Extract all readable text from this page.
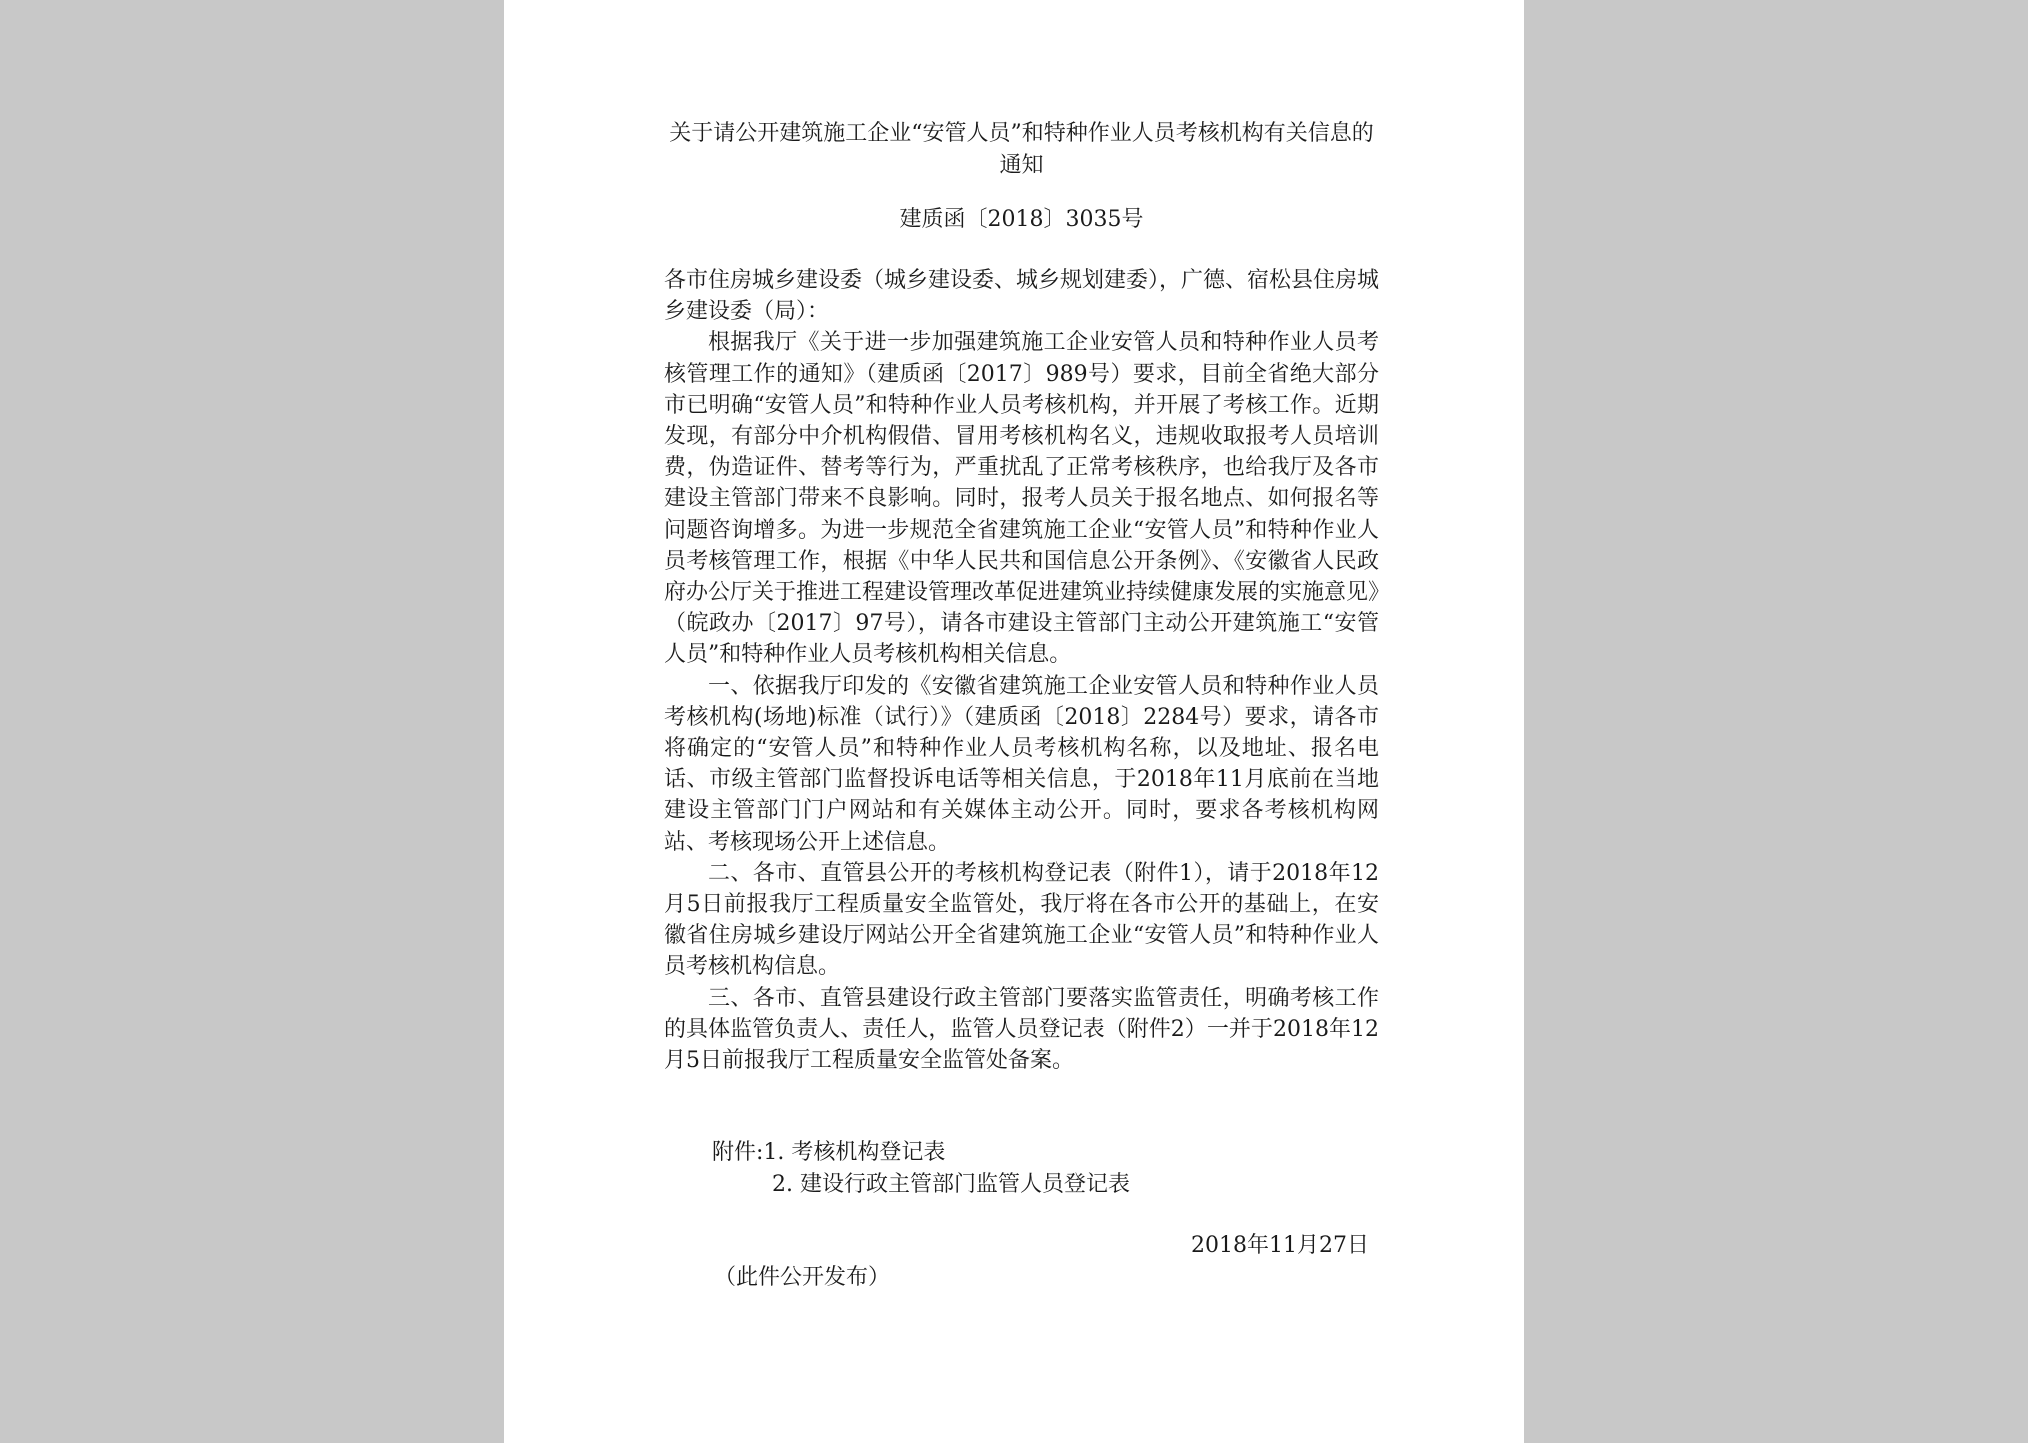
关于请公开建筑施工企业“安管人员”和特种作业人员考核机构有关信息的通知
建质函〔2018〕3035号

各市住房城乡建设委（城乡建设委、城乡规划建委），广德、宿松县住房城乡建设委（局）：

根据我厅《关于进一步加强建筑施工企业安管人员和特种作业人员考核管理工作的通知》（建质函〔2017〕989号）要求，目前全省绝大部分市已明确“安管人员”和特种作业人员考核机构，并开展了考核工作。近期发现，有部分中介机构假借、冒用考核机构名义，违规收取报考人员培训费，伪造证件、替考等行为，严重扰乱了正常考核秩序，也给我厅及各市建设主管部门带来不良影响。同时，报考人员关于报名地点、如何报名等问题咨询增多。为进一步规范全省建筑施工企业“安管人员”和特种作业人员考核管理工作，根据《中华人民共和国信息公开条例》、《安徽省人民政府办公厅关于推进工程建设管理改革促进建筑业持续健康发展的实施意见》（皖政办〔2017〕97号），请各市建设主管部门主动公开建筑施工“安管人员”和特种作业人员考核机构相关信息。

一、依据我厅印发的《安徽省建筑施工企业安管人员和特种作业人员考核机构(场地)标准（试行）》（建质函〔2018〕2284号）要求，请各市将确定的“安管人员”和特种作业人员考核机构名称，以及地址、报名电话、市级主管部门监督投诉电话等相关信息，于2018年11月底前在当地建设主管部门门户网站和有关媒体主动公开。同时，要求各考核机构网站、考核现场公开上述信息。

二、各市、直管县公开的考核机构登记表（附件1），请于2018年12月5日前报我厅工程质量安全监管处，我厅将在各市公开的基础上，在安徽省住房城乡建设厅网站公开全省建筑施工企业“安管人员”和特种作业人员考核机构信息。

三、各市、直管县建设行政主管部门要落实监管责任，明确考核工作的具体监管负责人、责任人，监管人员登记表（附件2）一并于2018年12月5日前报我厅工程质量安全监管处备案。

附件:1. 考核机构登记表
2. 建设行政主管部门监管人员登记表
2018年11月27日
（此件公开发布）
